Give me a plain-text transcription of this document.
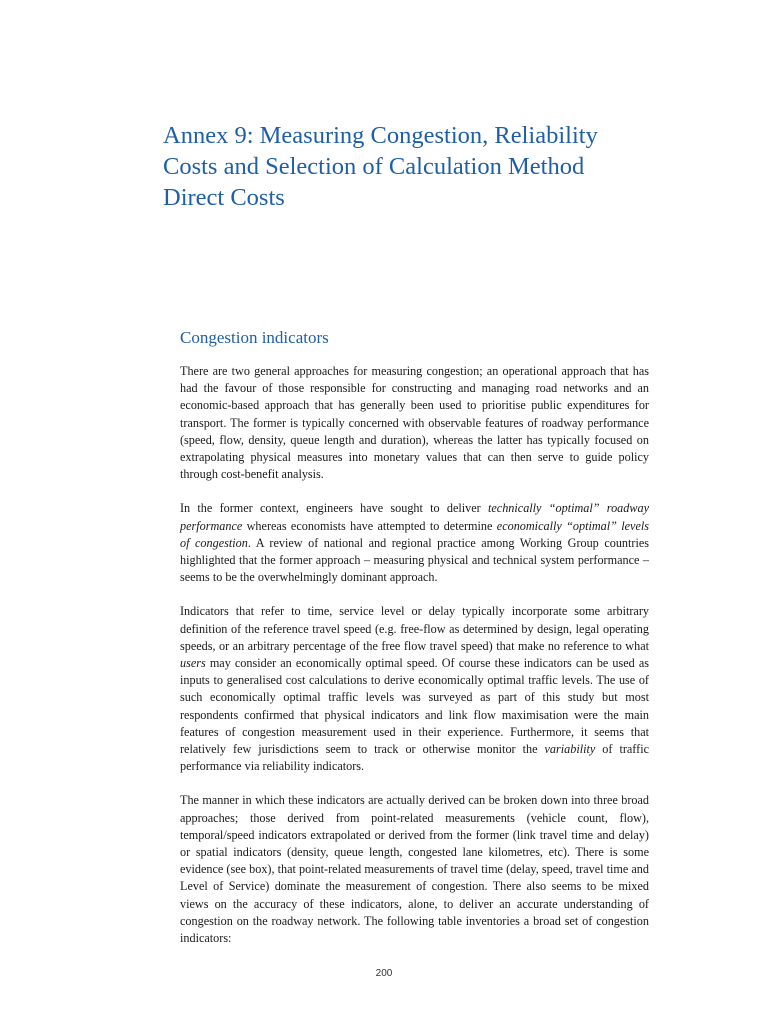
Annex 9: Measuring Congestion, Reliability
Costs and Selection of Calculation Method
Direct Costs
Congestion indicators

There are two general approaches for measuring congestion; an operational approach that has had the favour of those responsible for constructing and managing road networks and an economic-based approach that has generally been used to prioritise public expenditures for transport. The former is typically concerned with observable features of roadway performance (speed, flow, density, queue length and duration), whereas the latter has typically focused on extrapolating physical measures into monetary values that can then serve to guide policy through cost-benefit analysis.

In the former context, engineers have sought to deliver technically “optimal” roadway performance whereas economists have attempted to determine economically “optimal” levels of congestion. A review of national and regional practice among Working Group countries highlighted that the former approach – measuring physical and technical system performance – seems to be the overwhelmingly dominant approach.

Indicators that refer to time, service level or delay typically incorporate some arbitrary definition of the reference travel speed (e.g. free-flow as determined by design, legal operating speeds, or an arbitrary percentage of the free flow travel speed) that make no reference to what users may consider an economically optimal speed. Of course these indicators can be used as inputs to generalised cost calculations to derive economically optimal traffic levels. The use of such economically optimal traffic levels was surveyed as part of this study but most respondents confirmed that physical indicators and link flow maximisation were the main features of congestion measurement used in their experience. Furthermore, it seems that relatively few jurisdictions seem to track or otherwise monitor the variability of traffic performance via reliability indicators.

The manner in which these indicators are actually derived can be broken down into three broad approaches; those derived from point-related measurements (vehicle count, flow), temporal/speed indicators extrapolated or derived from the former (link travel time and delay) or spatial indicators (density, queue length, congested lane kilometres, etc). There is some evidence (see box), that point-related measurements of travel time (delay, speed, travel time and Level of Service) dominate the measurement of congestion. There also seems to be mixed views on the accuracy of these indicators, alone, to deliver an accurate understanding of congestion on the roadway network. The following table inventories a broad set of congestion indicators:

200
